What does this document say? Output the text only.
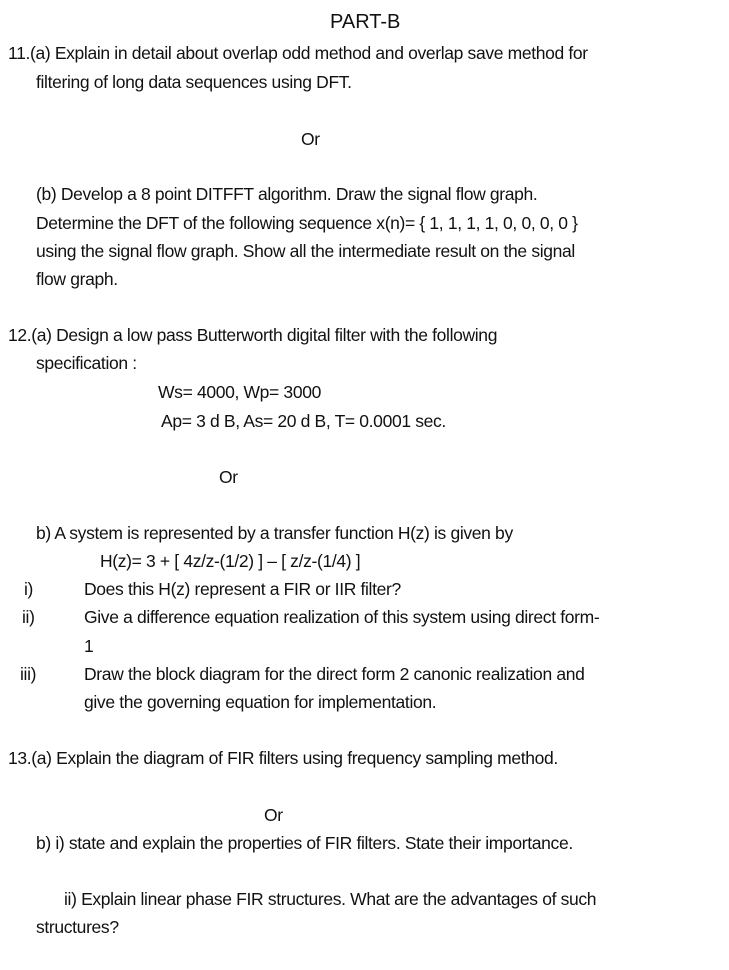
PART-B
11.(a) Explain in detail about overlap odd method and overlap save method for
filtering of long data sequences using DFT.
Or
(b) Develop a 8 point DITFFT algorithm. Draw the signal flow graph.
Determine the DFT of the following sequence x(n)= { 1, 1, 1, 1, 0, 0, 0, 0 }
using the signal flow graph. Show all the intermediate result on the signal
flow graph.
12.(a) Design a low pass Butterworth digital filter with the following
specification :
Ws= 4000, Wp= 3000
Ap= 3 d B, As= 20 d B, T= 0.0001 sec.
Or
b) A system is represented by a transfer function H(z) is given by
H(z)= 3 + [ 4z/z-(1/2) ] – [ z/z-(1/4) ]
i)	Does this H(z) represent a FIR or IIR filter?
ii)	Give a difference equation realization of this system using direct form-
1
iii)	Draw the block diagram for the direct form 2 canonic realization and
give the governing equation for implementation.
13.(a) Explain the diagram of FIR filters using frequency sampling method.
Or
b) i) state and explain the properties of FIR filters. State their importance.
ii) Explain linear phase FIR structures. What are the advantages of such
structures?
